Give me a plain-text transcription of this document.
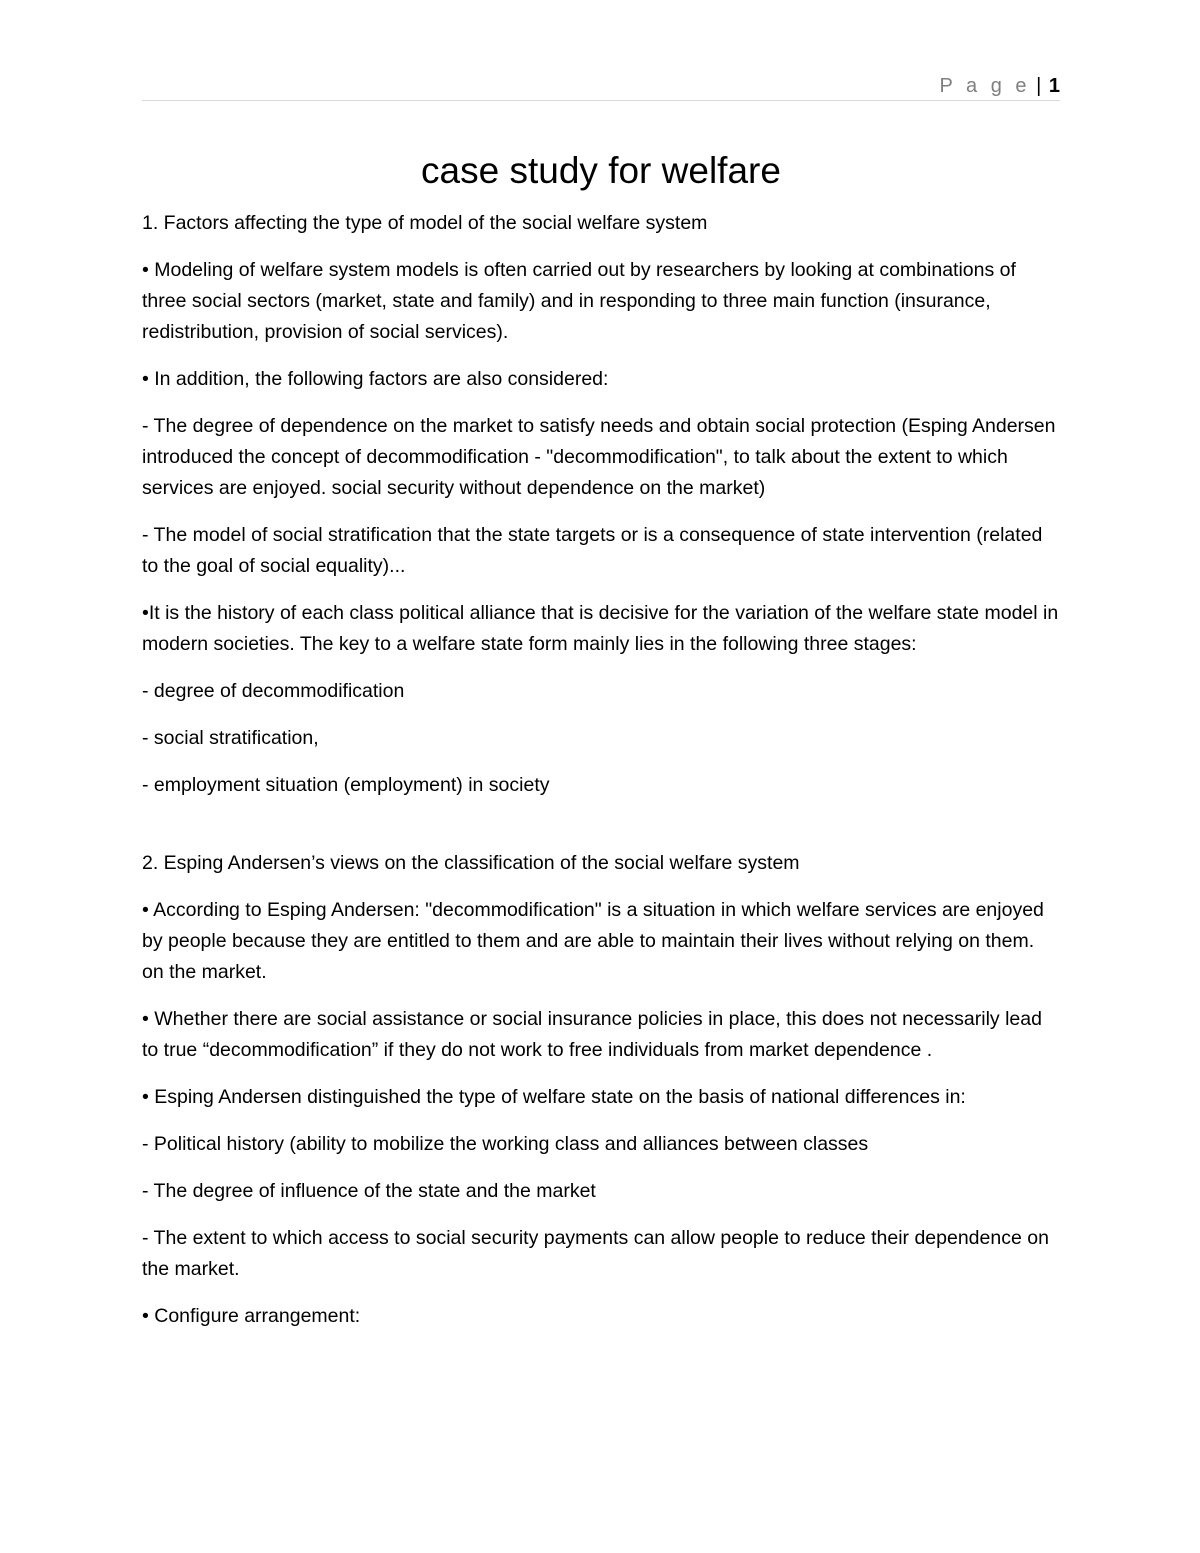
P a g e | 1
case study for welfare

1. Factors affecting the type of model of the social welfare system

• Modeling of welfare system models is often carried out by researchers by looking at combinations of three social sectors (market, state and family) and in responding to three main function (insurance, redistribution, provision of social services).

• In addition, the following factors are also considered:

- The degree of dependence on the market to satisfy needs and obtain social protection (Esping Andersen introduced the concept of decommodification - "decommodification", to talk about the extent to which services are enjoyed. social security without dependence on the market)

- The model of social stratification that the state targets or is a consequence of state intervention (related to the goal of social equality)...

•It is the history of each class political alliance that is decisive for the variation of the welfare state model in modern societies. The key to a welfare state form mainly lies in the following three stages:

- degree of decommodification

- social stratification,

- employment situation (employment) in society

2. Esping Andersen’s views on the classification of the social welfare system

• According to Esping Andersen: "decommodification" is a situation in which welfare services are enjoyed by people because they are entitled to them and are able to maintain their lives without relying on them. on the market.

• Whether there are social assistance or social insurance policies in place, this does not necessarily lead to true “decommodification” if they do not work to free individuals from market dependence .

• Esping Andersen distinguished the type of welfare state on the basis of national differences in:

- Political history (ability to mobilize the working class and alliances between classes

- The degree of influence of the state and the market

- The extent to which access to social security payments can allow people to reduce their dependence on the market.

• Configure arrangement:
